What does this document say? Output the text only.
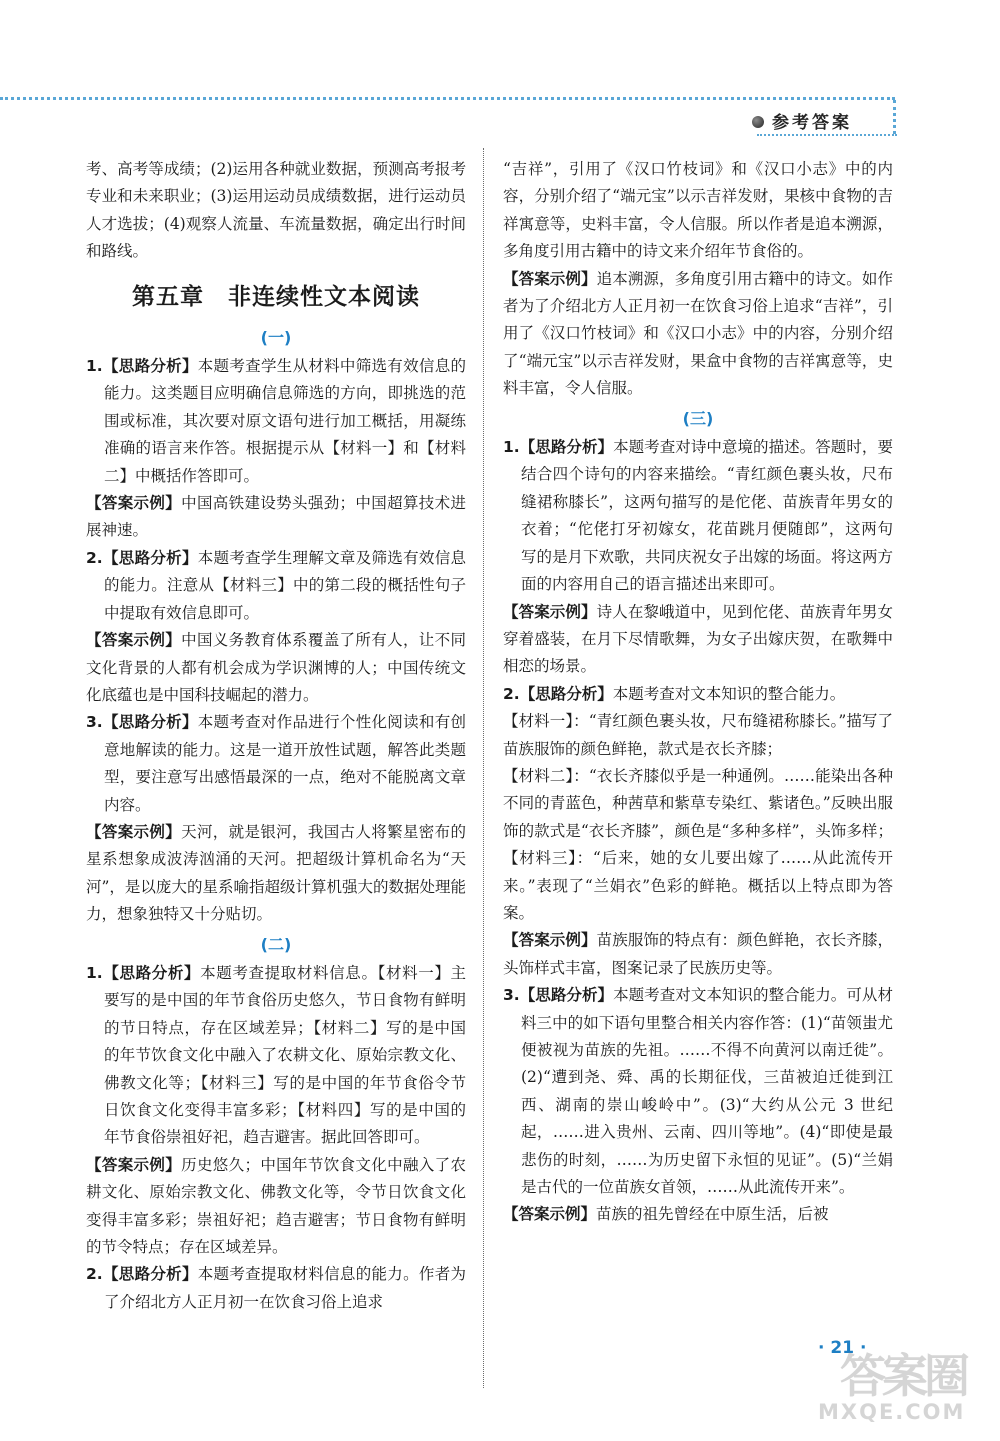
参考答案

考、高考等成绩；(2)运用各种就业数据，预测高考报考专业和未来职业；(3)运用运动员成绩数据，进行运动员人才选拔；(4)观察人流量、车流量数据，确定出行时间和路线。

第五章　非连续性文本阅读
(一)

1.【思路分析】本题考查学生从材料中筛选有效信息的能力。这类题目应明确信息筛选的方向，即挑选的范围或标准，其次要对原文语句进行加工概括，用凝练准确的语言来作答。根据提示从【材料一】和【材料二】中概括作答即可。

【答案示例】中国高铁建设势头强劲；中国超算技术进展神速。

2.【思路分析】本题考查学生理解文章及筛选有效信息的能力。注意从【材料三】中的第二段的概括性句子中提取有效信息即可。

【答案示例】中国义务教育体系覆盖了所有人，让不同文化背景的人都有机会成为学识渊博的人；中国传统文化底蕴也是中国科技崛起的潜力。

3.【思路分析】本题考查对作品进行个性化阅读和有创意地解读的能力。这是一道开放性试题，解答此类题型，要注意写出感悟最深的一点，绝对不能脱离文章内容。

【答案示例】天河，就是银河，我国古人将繁星密布的星系想象成波涛汹涌的天河。把超级计算机命名为“天河”，是以庞大的星系喻指超级计算机强大的数据处理能力，想象独特又十分贴切。

(二)

1.【思路分析】本题考查提取材料信息。【材料一】主要写的是中国的年节食俗历史悠久，节日食物有鲜明的节日特点，存在区域差异；【材料二】写的是中国的年节饮食文化中融入了农耕文化、原始宗教文化、佛教文化等；【材料三】写的是中国的年节食俗令节日饮食文化变得丰富多彩；【材料四】写的是中国的年节食俗崇祖好祀，趋吉避害。据此回答即可。

【答案示例】历史悠久；中国年节饮食文化中融入了农耕文化、原始宗教文化、佛教文化等，令节日饮食文化变得丰富多彩；崇祖好祀；趋吉避害；节日食物有鲜明的节令特点；存在区域差异。

2.【思路分析】本题考查提取材料信息的能力。作者为了介绍北方人正月初一在饮食习俗上追求

“吉祥”，引用了《汉口竹枝词》和《汉口小志》中的内容，分别介绍了“端元宝”以示吉祥发财，果核中食物的吉祥寓意等，史料丰富，令人信服。所以作者是追本溯源，多角度引用古籍中的诗文来介绍年节食俗的。

【答案示例】追本溯源，多角度引用古籍中的诗文。如作者为了介绍北方人正月初一在饮食习俗上追求“吉祥”，引用了《汉口竹枝词》和《汉口小志》中的内容，分别介绍了“端元宝”以示吉祥发财，果盒中食物的吉祥寓意等，史料丰富，令人信服。

(三)

1.【思路分析】本题考查对诗中意境的描述。答题时，要结合四个诗句的内容来描绘。“青红颜色裹头妆，尺布缝裙称膝长”，这两句描写的是佗佬、苗族青年男女的衣着；“佗佬打牙初嫁女，花苗跳月便随郎”，这两句写的是月下欢歌，共同庆祝女子出嫁的场面。将这两方面的内容用自己的语言描述出来即可。

【答案示例】诗人在黎峨道中，见到佗佬、苗族青年男女穿着盛装，在月下尽情歌舞，为女子出嫁庆贺，在歌舞中相恋的场景。

2.【思路分析】本题考查对文本知识的整合能力。

【材料一】：“青红颜色裹头妆，尺布缝裙称膝长。”描写了苗族服饰的颜色鲜艳，款式是衣长齐膝；

【材料二】：“衣长齐膝似乎是一种通例。……能染出各种不同的青蓝色，种茜草和紫草专染红、紫诸色。”反映出服饰的款式是“衣长齐膝”，颜色是“多种多样”，头饰多样；【材料三】：“后来，她的女儿要出嫁了……从此流传开来。”表现了“兰娟衣”色彩的鲜艳。概括以上特点即为答案。

【答案示例】苗族服饰的特点有：颜色鲜艳，衣长齐膝，头饰样式丰富，图案记录了民族历史等。

3.【思路分析】本题考查对文本知识的整合能力。可从材料三中的如下语句里整合相关内容作答：(1)“苗领蚩尤便被视为苗族的先祖。……不得不向黄河以南迁徙”。(2)“遭到尧、舜、禹的长期征伐，三苗被迫迁徙到江西、湖南的崇山峻岭中”。(3)“大约从公元 3 世纪起，……进入贵州、云南、四川等地”。(4)“即使是最悲伤的时刻，……为历史留下永恒的见证”。(5)“兰娟是古代的一位苗族女首领，……从此流传开来”。

【答案示例】苗族的祖先曾经在中原生活，后被

· 21 ·
答案圈
MXQE.COM
